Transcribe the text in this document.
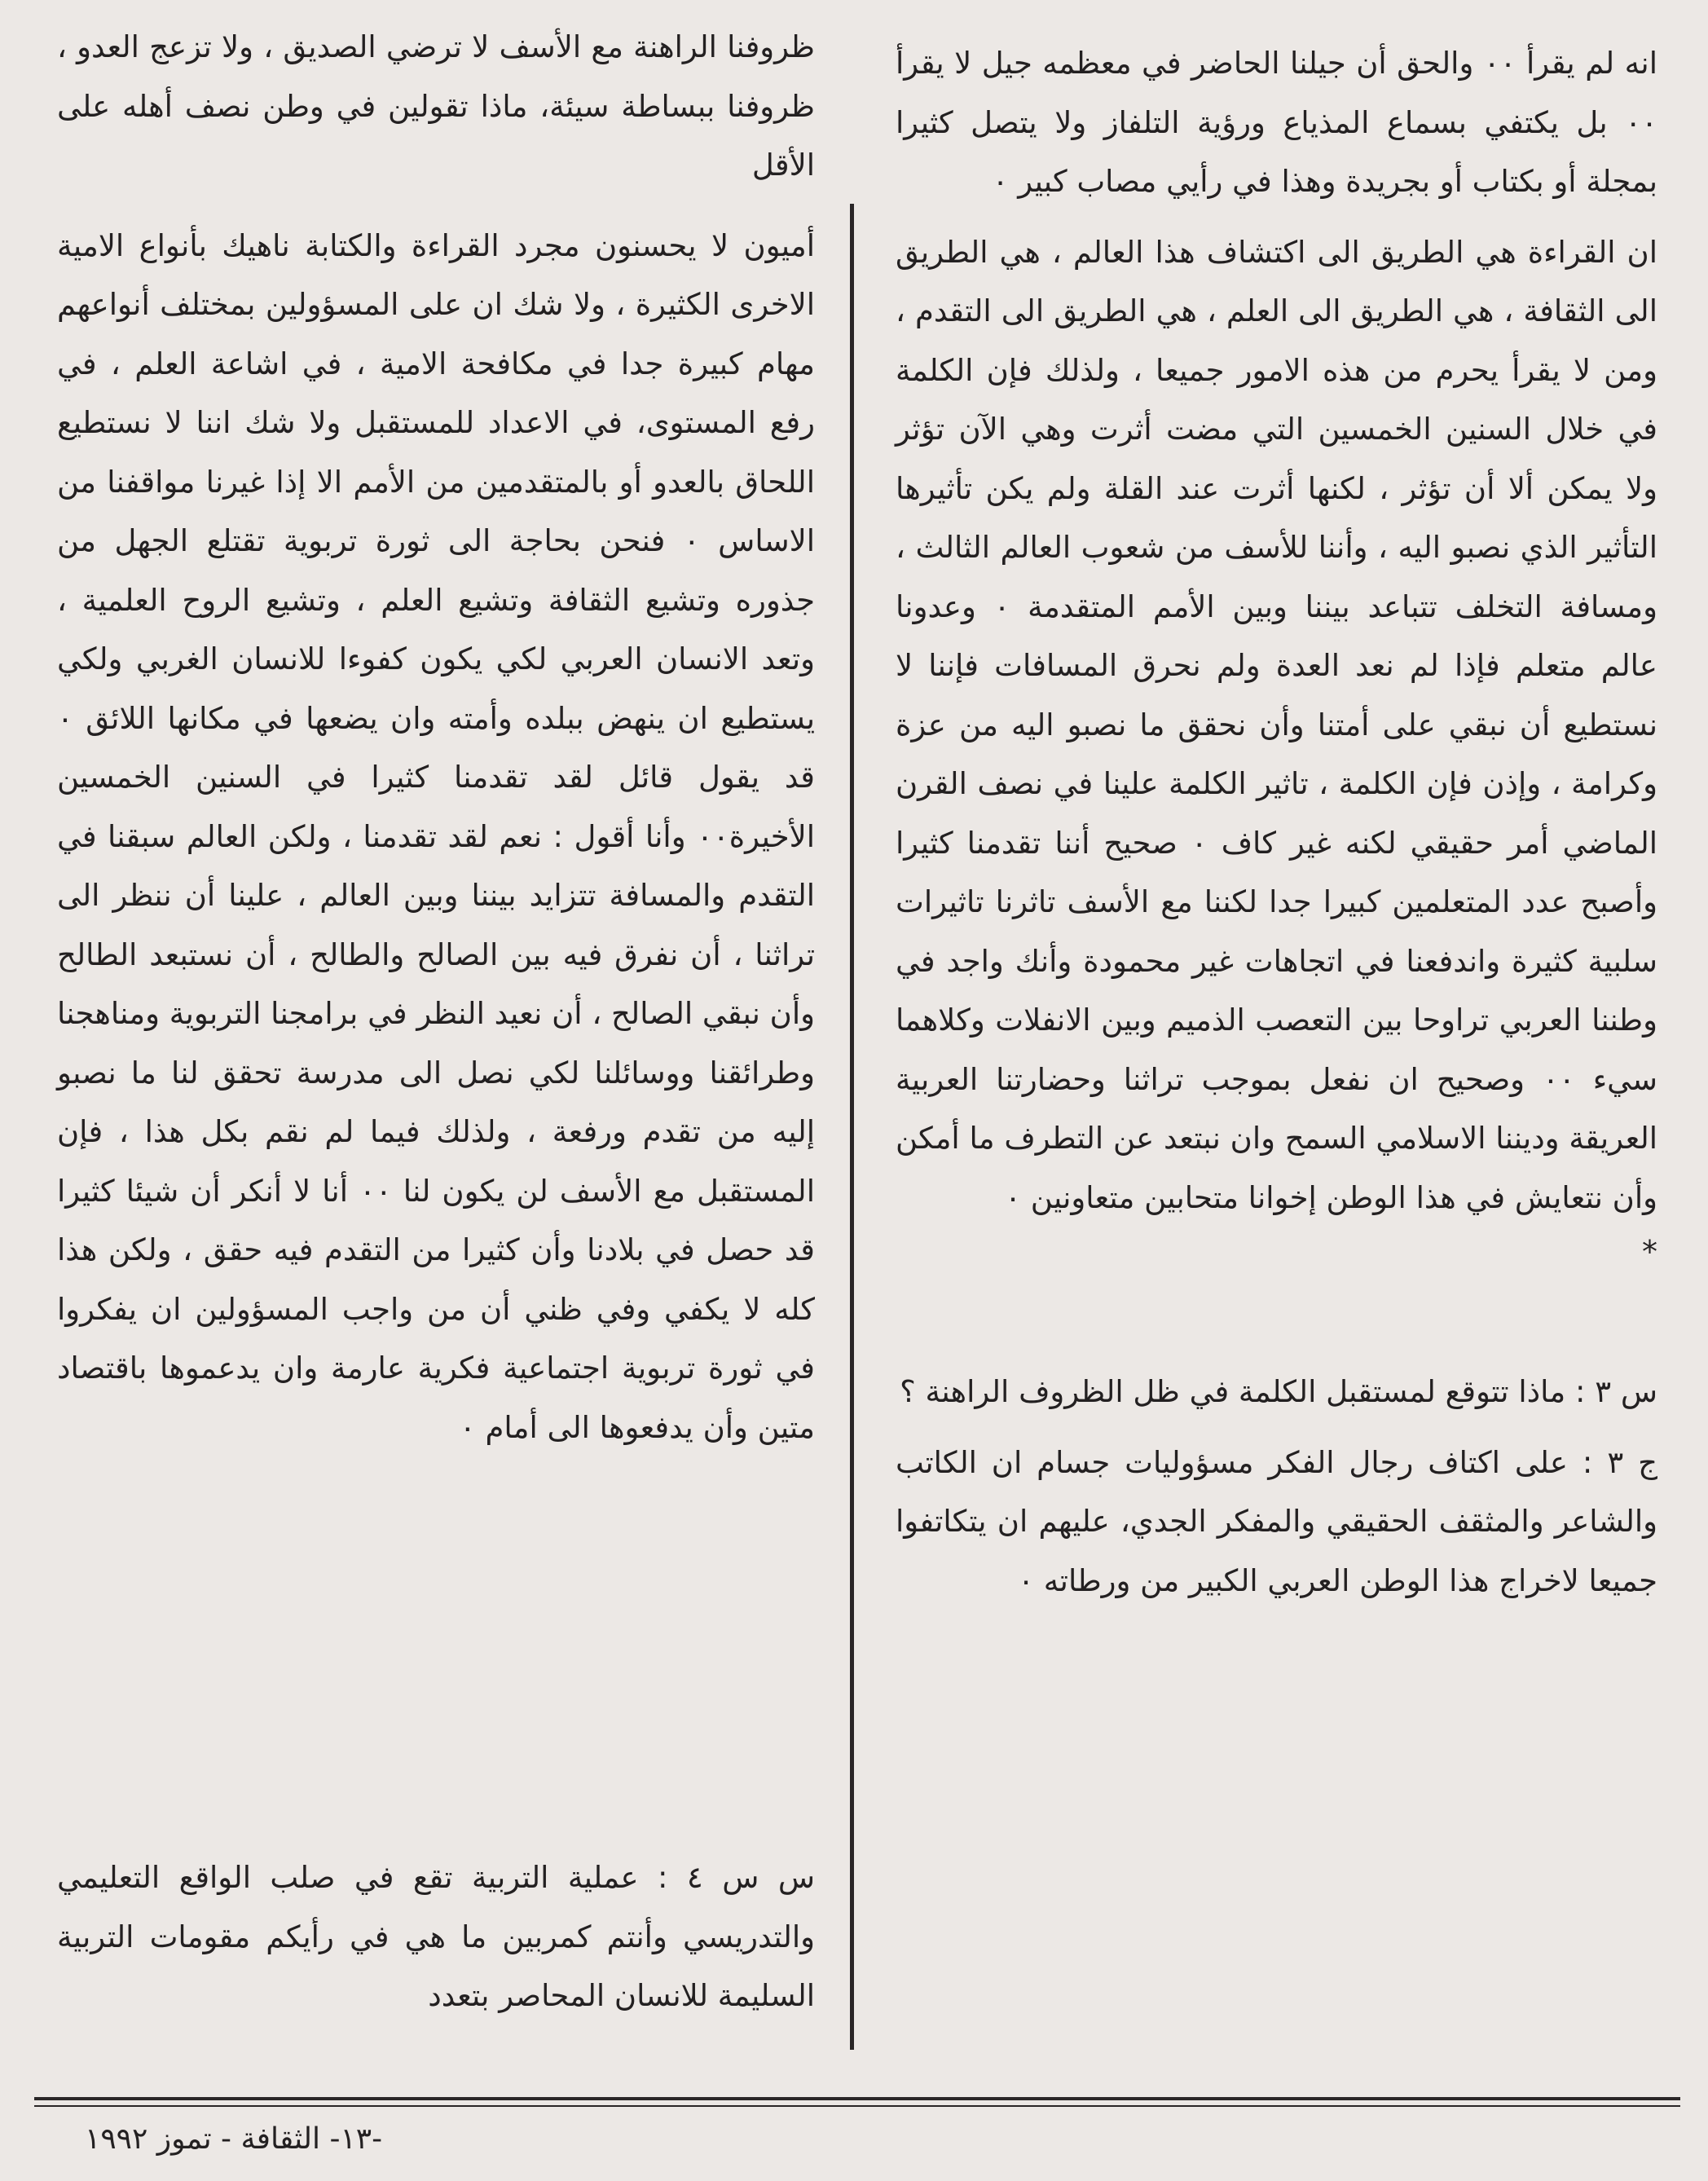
انه لم يقرأ ٠٠ والحق أن جيلنا الحاضر في معظمه جيل لا يقرأ ٠٠ بل يكتفي بسماع المذياع ورؤية التلفاز ولا يتصل كثيرا بمجلة أو بكتاب أو بجريدة وهذا في رأيي مصاب كبير ٠

ان القراءة هي الطريق الى اكتشاف هذا العالم ، هي الطريق الى الثقافة ، هي الطريق الى العلم ، هي الطريق الى التقدم ، ومن لا يقرأ يحرم من هذه الامور جميعا ، ولذلك فإن الكلمة في خلال السنين الخمسين التي مضت أثرت وهي الآن تؤثر ولا يمكن ألا أن تؤثر ، لكنها أثرت عند القلة ولم يكن تأثيرها التأثير الذي نصبو اليه ، وأننا للأسف من شعوب العالم الثالث ، ومسافة التخلف تتباعد بيننا وبين الأمم المتقدمة ٠ وعدونا عالم متعلم فإذا لم نعد العدة ولم نحرق المسافات فإننا لا نستطيع أن نبقي على أمتنا وأن نحقق ما نصبو اليه من عزة وكرامة ، وإذن فإن الكلمة ، تاثير الكلمة علينا في نصف القرن الماضي أمر حقيقي لكنه غير كاف ٠ صحيح أننا تقدمنا كثيرا وأصبح عدد المتعلمين كبيرا جدا لكننا مع الأسف تاثرنا تاثيرات سلبية كثيرة واندفعنا في اتجاهات غير محمودة وأنك واجد في وطننا العربي تراوحا بين التعصب الذميم وبين الانفلات وكلاهما سيء ٠٠ وصحيح ان نفعل بموجب تراثنا وحضارتنا العربية العريقة وديننا الاسلامي السمح وان نبتعد عن التطرف ما أمكن وأن نتعايش في هذا الوطن إخوانا متحابين متعاونين ٠

*

س ٣ : ماذا تتوقع لمستقبل الكلمة في ظل الظروف الراهنة ؟

ج ٣ : على اكتاف رجال الفكر مسؤوليات جسام ان الكاتب والشاعر والمثقف الحقيقي والمفكر الجدي، عليهم ان يتكاتفوا جميعا لاخراج هذا الوطن العربي الكبير من ورطاته ٠

ظروفنا الراهنة مع الأسف لا ترضي الصديق ، ولا تزعج العدو ، ظروفنا ببساطة سيئة، ماذا تقولين في وطن نصف أهله على الأقل

أميون لا يحسنون مجرد القراءة والكتابة ناهيك بأنواع الامية الاخرى الكثيرة ، ولا شك ان على المسؤولين بمختلف أنواعهم مهام كبيرة جدا في مكافحة الامية ، في اشاعة العلم ، في رفع المستوى، في الاعداد للمستقبل ولا شك اننا لا نستطيع اللحاق بالعدو أو بالمتقدمين من الأمم الا إذا غيرنا مواقفنا من الاساس ٠ فنحن بحاجة الى ثورة تربوية تقتلع الجهل من جذوره وتشيع الثقافة وتشيع العلم ، وتشيع الروح العلمية ، وتعد الانسان العربي لكي يكون كفوءا للانسان الغربي ولكي يستطيع ان ينهض ببلده وأمته وان يضعها في مكانها اللائق ٠ قد يقول قائل لقد تقدمنا كثيرا في السنين الخمسين الأخيرة٠٠ وأنا أقول : نعم لقد تقدمنا ، ولكن العالم سبقنا في التقدم والمسافة تتزايد بيننا وبين العالم ، علينا أن ننظر الى تراثنا ، أن نفرق فيه بين الصالح والطالح ، أن نستبعد الطالح وأن نبقي الصالح ، أن نعيد النظر في برامجنا التربوية ومناهجنا وطرائقنا ووسائلنا لكي نصل الى مدرسة تحقق لنا ما نصبو إليه من تقدم ورفعة ، ولذلك فيما لم نقم بكل هذا ، فإن المستقبل مع الأسف لن يكون لنا ٠٠ أنا لا أنكر أن شيئا كثيرا قد حصل في بلادنا وأن كثيرا من التقدم فيه حقق ، ولكن هذا كله لا يكفي وفي ظني أن من واجب المسؤولين ان يفكروا في ثورة تربوية اجتماعية فكرية عارمة وان يدعموها باقتصاد متين وأن يدفعوها الى أمام ٠

س س ٤ : عملية التربية تقع في صلب الواقع التعليمي والتدريسي وأنتم كمربين ما هي في رأيكم مقومات التربية السليمة للانسان المحاصر بتعدد
-١٣- الثقافة - تموز ١٩٩٢
